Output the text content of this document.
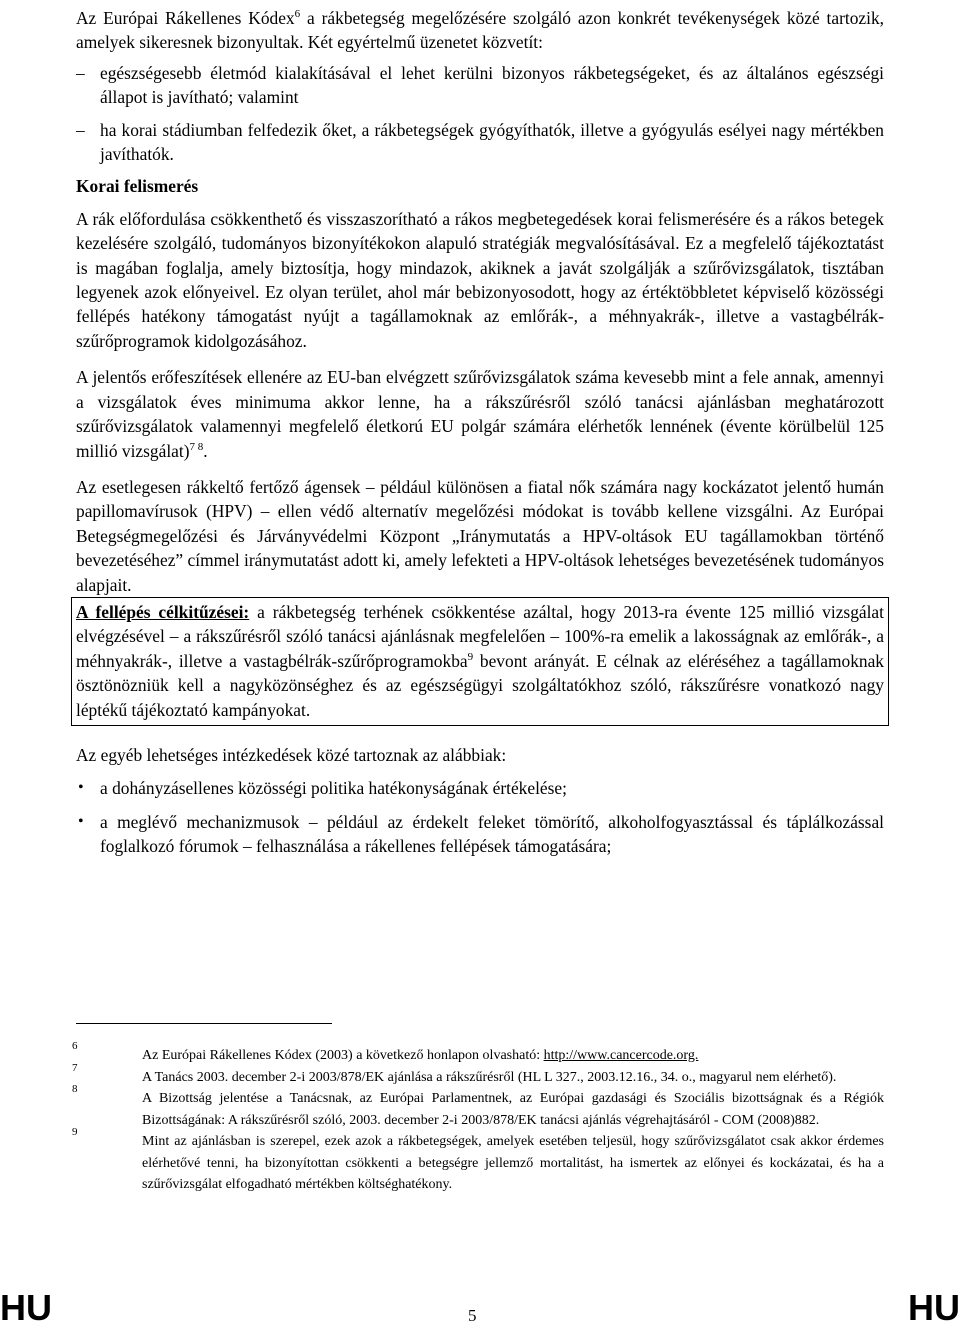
Az Európai Rákellenes Kódex$^6$ a rákbetegség megelőzésére szolgáló azon konkrét tevékenységek közé tartozik, amelyek sikeresnek bizonyultak. Két egyértelmű üzenetet közvetít:

– egészségesebb életmód kialakításával el lehet kerülni bizonyos rákbetegségeket, és az általános egészségi állapot is javítható; valamint
– ha korai stádiumban felfedezik őket, a rákbetegségek gyógyíthatók, illetve a gyógyulás esélyei nagy mértékben javíthatók.
Korai felismerés

A rák előfordulása csökkenthető és visszaszorítható a rákos megbetegedések korai felismerésére és a rákos betegek kezelésére szolgáló, tudományos bizonyítékokon alapuló stratégiák megvalósításával. Ez a megfelelő tájékoztatást is magában foglalja, amely biztosítja, hogy mindazok, akiknek a javát szolgálják a szűrővizsgálatok, tisztában legyenek azok előnyeivel. Ez olyan terület, ahol már bebizonyosodott, hogy az értéktöbbletet képviselő közösségi fellépés hatékony támogatást nyújt a tagállamoknak az emlőrák-, a méhnyakrák-, illetve a vastagbélrák-szűrőprogramok kidolgozásához.

A jelentős erőfeszítések ellenére az EU-ban elvégzett szűrővizsgálatok száma kevesebb mint a fele annak, amennyi a vizsgálatok éves minimuma akkor lenne, ha a rákszűrésről szóló tanácsi ajánlásban meghatározott szűrővizsgálatok valamennyi megfelelő életkorú EU polgár számára elérhetők lennének (évente körülbelül 125 millió vizsgálat)$^{7 8}$.

Az esetlegesen rákkeltő fertőző ágensek – például különösen a fiatal nők számára nagy kockázatot jelentő humán papillomavírusok (HPV) – ellen védő alternatív megelőzési módokat is tovább kellene vizsgálni. Az Európai Betegségmegelőzési és Járványvédelmi Központ „Iránymutatás a HPV-oltások EU tagállamokban történő bevezetéséhez” címmel iránymutatást adott ki, amely lefekteti a HPV-oltások lehetséges bevezetésének tudományos alapjait.

A fellépés célkitűzései: a rákbetegség terhének csökkentése azáltal, hogy 2013-ra évente 125 millió vizsgálat elvégzésével – a rákszűrésről szóló tanácsi ajánlásnak megfelelően – 100%-ra emelik a lakosságnak az emlőrák-, a méhnyakrák-, illetve a vastagbélrák-szűrőprogramokba$^9$ bevont arányát. E célnak az eléréséhez a tagállamoknak ösztönözniük kell a nagyközönséghez és az egészségügyi szolgáltatókhoz szóló, rákszűrésre vonatkozó nagy léptékű tájékoztató kampányokat.

Az egyéb lehetséges intézkedések közé tartoznak az alábbiak:

• a dohányzásellenes közösségi politika hatékonyságának értékelése;
• a meglévő mechanizmusok – például az érdekelt feleket tömörítő, alkoholfogyasztással és táplálkozással foglalkozó fórumok – felhasználása a rákellenes fellépések támogatására;
6
Az Európai Rákellenes Kódex (2003) a következő honlapon olvasható: http://www.cancercode.org.
7
A Tanács 2003. december 2-i 2003/878/EK ajánlása a rákszűrésről (HL L 327., 2003.12.16., 34. o., magyarul nem elérhető).
8
A Bizottság jelentése a Tanácsnak, az Európai Parlamentnek, az Európai gazdasági és Szociális bizottságnak és a Régiók Bizottságának: A rákszűrésről szóló, 2003. december 2-i 2003/878/EK tanácsi ajánlás végrehajtásáról - COM (2008)882.
9
Mint az ajánlásban is szerepel, ezek azok a rákbetegségek, amelyek esetében teljesül, hogy szűrővizsgálatot csak akkor érdemes elérhetővé tenni, ha bizonyítottan csökkenti a betegségre jellemző mortalitást, ha ismertek az előnyei és kockázatai, és ha a szűrővizsgálat elfogadható mértékben költséghatékony.
HU	5	HU
